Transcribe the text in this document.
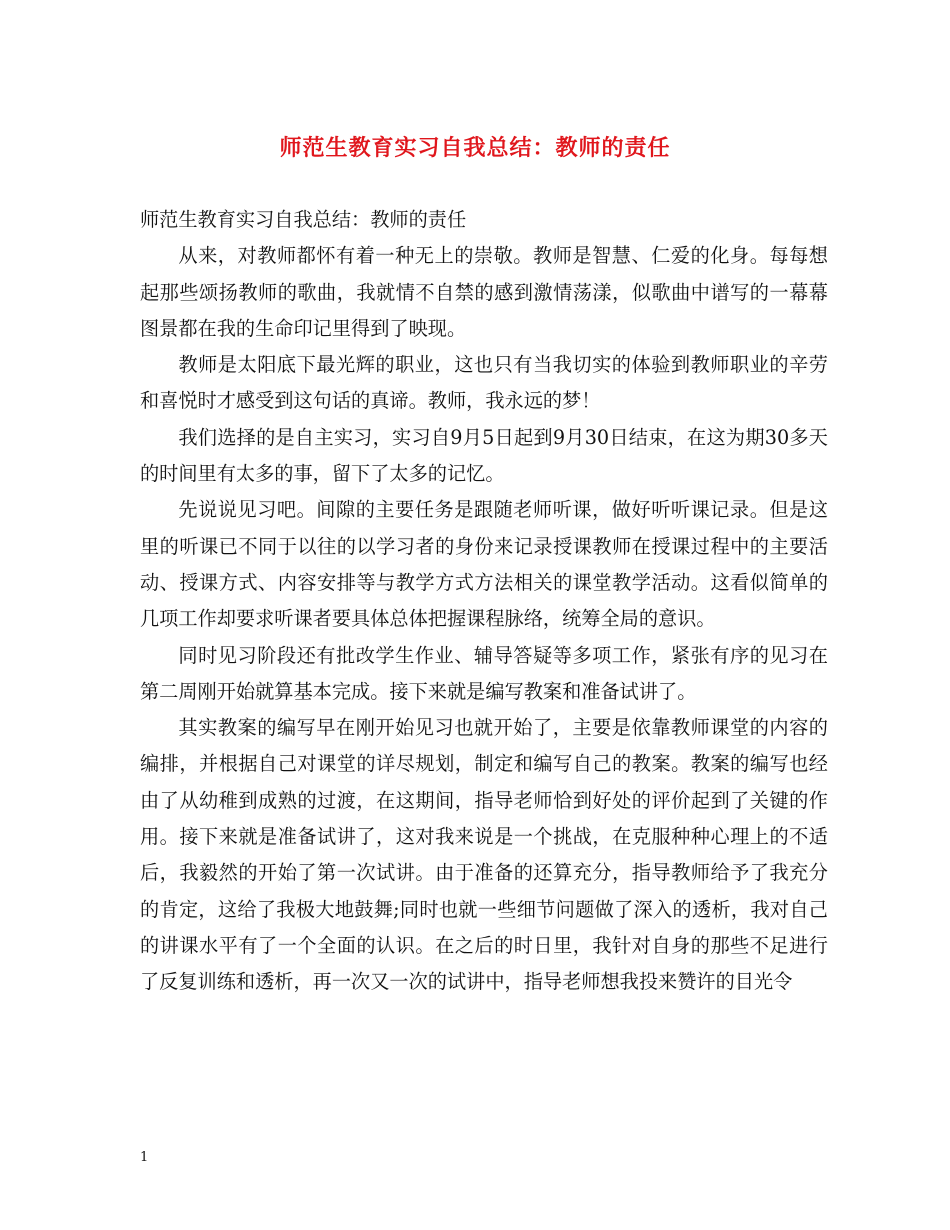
师范生教育实习自我总结：教师的责任

师范生教育实习自我总结：教师的责任

从来，对教师都怀有着一种无上的崇敬。教师是智慧、仁爱的化身。每每想起那些颂扬教师的歌曲，我就情不自禁的感到激情荡漾，似歌曲中谱写的一幕幕图景都在我的生命印记里得到了映现。

教师是太阳底下最光辉的职业，这也只有当我切实的体验到教师职业的辛劳和喜悦时才感受到这句话的真谛。教师，我永远的梦！

我们选择的是自主实习，实习自9月5日起到9月30日结束，在这为期30多天的时间里有太多的事，留下了太多的记忆。

先说说见习吧。间隙的主要任务是跟随老师听课，做好听听课记录。但是这里的听课已不同于以往的以学习者的身份来记录授课教师在授课过程中的主要活动、授课方式、内容安排等与教学方式方法相关的课堂教学活动。这看似简单的几项工作却要求听课者要具体总体把握课程脉络，统筹全局的意识。

同时见习阶段还有批改学生作业、辅导答疑等多项工作，紧张有序的见习在第二周刚开始就算基本完成。接下来就是编写教案和准备试讲了。

其实教案的编写早在刚开始见习也就开始了，主要是依靠教师课堂的内容的编排，并根据自己对课堂的详尽规划，制定和编写自己的教案。教案的编写也经由了从幼稚到成熟的过渡，在这期间，指导老师恰到好处的评价起到了关键的作用。接下来就是准备试讲了，这对我来说是一个挑战，在克服种种心理上的不适后，我毅然的开始了第一次试讲。由于准备的还算充分，指导教师给予了我充分的肯定，这给了我极大地鼓舞;同时也就一些细节问题做了深入的透析，我对自己的讲课水平有了一个全面的认识。在之后的时日里，我针对自身的那些不足进行了反复训练和透析，再一次又一次的试讲中，指导老师想我投来赞许的目光令

1
